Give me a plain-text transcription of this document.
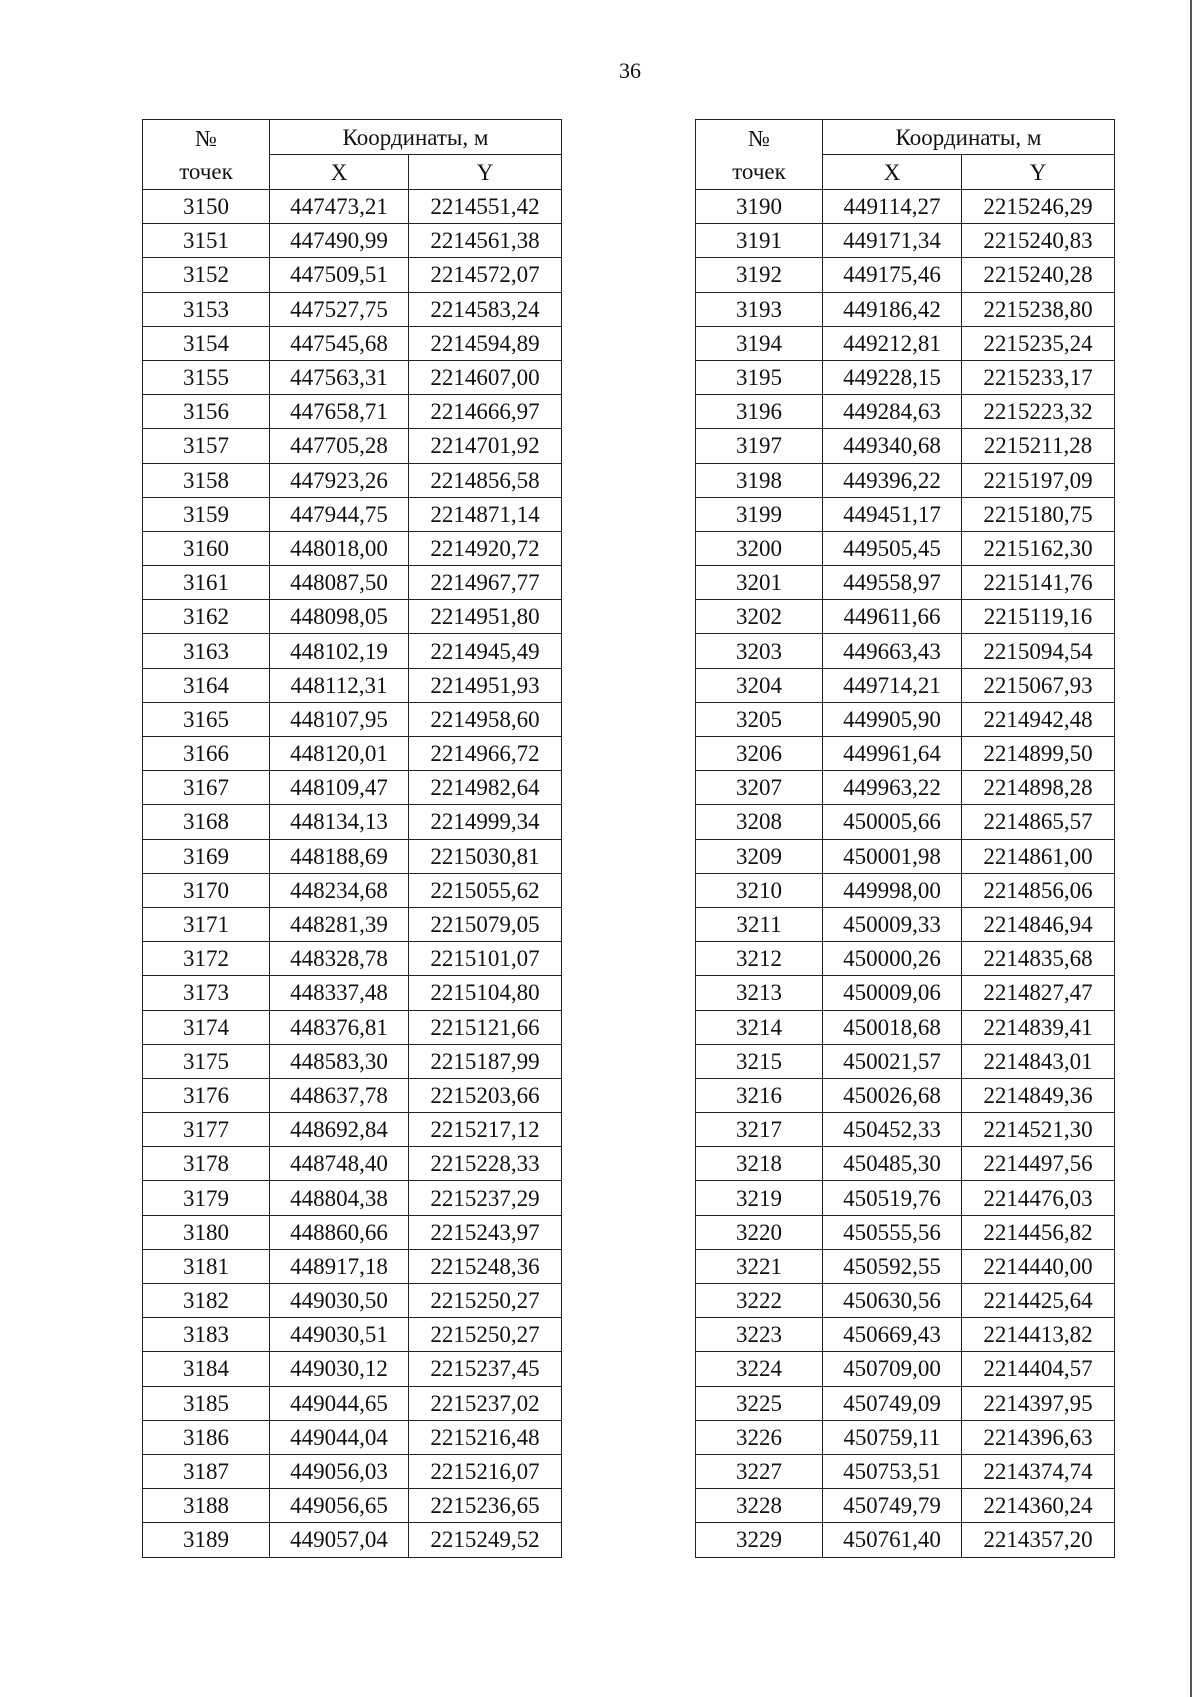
36
№
точек	Координаты, м	
	X	Y
3150	447473,21	2214551,42
3151	447490,99	2214561,38
3152	447509,51	2214572,07
3153	447527,75	2214583,24
3154	447545,68	2214594,89
3155	447563,31	2214607,00
3156	447658,71	2214666,97
3157	447705,28	2214701,92
3158	447923,26	2214856,58
3159	447944,75	2214871,14
3160	448018,00	2214920,72
3161	448087,50	2214967,77
3162	448098,05	2214951,80
3163	448102,19	2214945,49
3164	448112,31	2214951,93
3165	448107,95	2214958,60
3166	448120,01	2214966,72
3167	448109,47	2214982,64
3168	448134,13	2214999,34
3169	448188,69	2215030,81
3170	448234,68	2215055,62
3171	448281,39	2215079,05
3172	448328,78	2215101,07
3173	448337,48	2215104,80
3174	448376,81	2215121,66
3175	448583,30	2215187,99
3176	448637,78	2215203,66
3177	448692,84	2215217,12
3178	448748,40	2215228,33
3179	448804,38	2215237,29
3180	448860,66	2215243,97
3181	448917,18	2215248,36
3182	449030,50	2215250,27
3183	449030,51	2215250,27
3184	449030,12	2215237,45
3185	449044,65	2215237,02
3186	449044,04	2215216,48
3187	449056,03	2215216,07
3188	449056,65	2215236,65
3189	449057,04	2215249,52
№
точек	Координаты, м	
	X	Y
3190	449114,27	2215246,29
3191	449171,34	2215240,83
3192	449175,46	2215240,28
3193	449186,42	2215238,80
3194	449212,81	2215235,24
3195	449228,15	2215233,17
3196	449284,63	2215223,32
3197	449340,68	2215211,28
3198	449396,22	2215197,09
3199	449451,17	2215180,75
3200	449505,45	2215162,30
3201	449558,97	2215141,76
3202	449611,66	2215119,16
3203	449663,43	2215094,54
3204	449714,21	2215067,93
3205	449905,90	2214942,48
3206	449961,64	2214899,50
3207	449963,22	2214898,28
3208	450005,66	2214865,57
3209	450001,98	2214861,00
3210	449998,00	2214856,06
3211	450009,33	2214846,94
3212	450000,26	2214835,68
3213	450009,06	2214827,47
3214	450018,68	2214839,41
3215	450021,57	2214843,01
3216	450026,68	2214849,36
3217	450452,33	2214521,30
3218	450485,30	2214497,56
3219	450519,76	2214476,03
3220	450555,56	2214456,82
3221	450592,55	2214440,00
3222	450630,56	2214425,64
3223	450669,43	2214413,82
3224	450709,00	2214404,57
3225	450749,09	2214397,95
3226	450759,11	2214396,63
3227	450753,51	2214374,74
3228	450749,79	2214360,24
3229	450761,40	2214357,20
